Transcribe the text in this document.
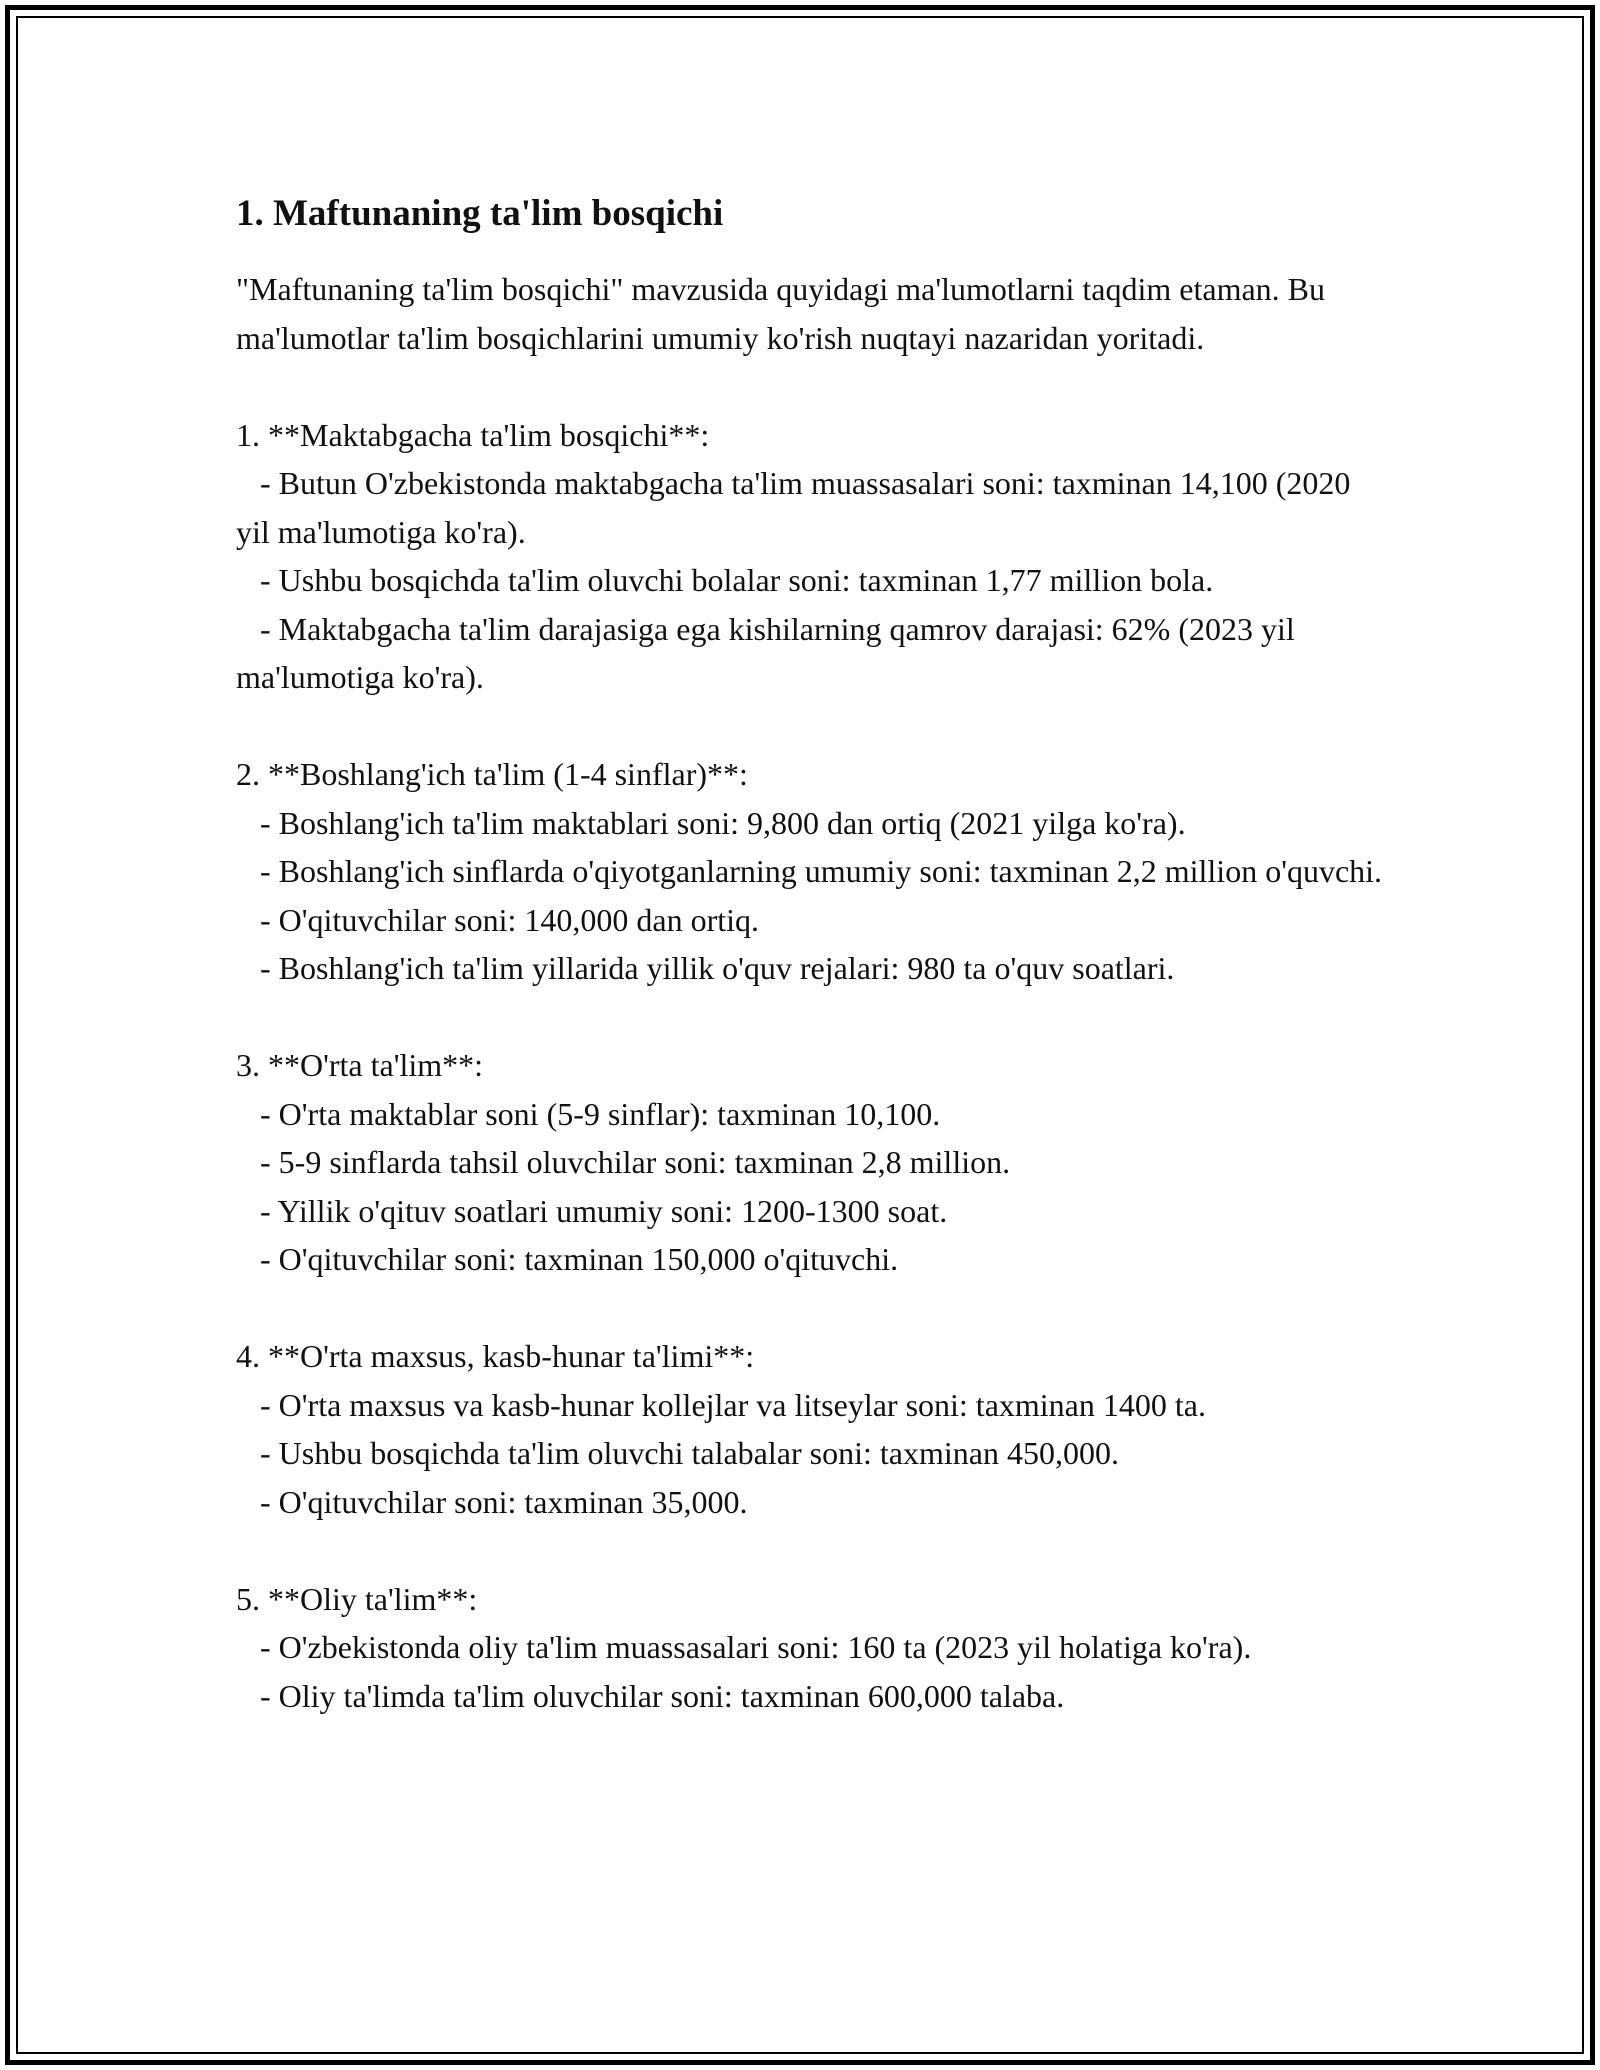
1. Maftunaning ta'lim bosqichi

"Maftunaning ta'lim bosqichi" mavzusida quyidagi ma'lumotlarni taqdim etaman. Bu ma'lumotlar ta'lim bosqichlarini umumiy ko'rish nuqtayi nazaridan yoritadi.

1. **Maktabgacha ta'lim bosqichi**:
- Butun O'zbekistonda maktabgacha ta'lim muassasalari soni: taxminan 14,100 (2020 yil ma'lumotiga ko'ra).
- Ushbu bosqichda ta'lim oluvchi bolalar soni: taxminan 1,77 million bola.
- Maktabgacha ta'lim darajasiga ega kishilarning qamrov darajasi: 62% (2023 yil ma'lumotiga ko'ra).
2. **Boshlang'ich ta'lim (1-4 sinflar)**:
- Boshlang'ich ta'lim maktablari soni: 9,800 dan ortiq (2021 yilga ko'ra).
- Boshlang'ich sinflarda o'qiyotganlarning umumiy soni: taxminan 2,2 million o'quvchi.
- O'qituvchilar soni: 140,000 dan ortiq.
- Boshlang'ich ta'lim yillarida yillik o'quv rejalari: 980 ta o'quv soatlari.
3. **O'rta ta'lim**:
- O'rta maktablar soni (5-9 sinflar): taxminan 10,100.
- 5-9 sinflarda tahsil oluvchilar soni: taxminan 2,8 million.
- Yillik o'qituv soatlari umumiy soni: 1200-1300 soat.
- O'qituvchilar soni: taxminan 150,000 o'qituvchi.
4. **O'rta maxsus, kasb-hunar ta'limi**:
- O'rta maxsus va kasb-hunar kollejlar va litseylar soni: taxminan 1400 ta.
- Ushbu bosqichda ta'lim oluvchi talabalar soni: taxminan 450,000.
- O'qituvchilar soni: taxminan 35,000.
5. **Oliy ta'lim**:
- O'zbekistonda oliy ta'lim muassasalari soni: 160 ta (2023 yil holatiga ko'ra).
- Oliy ta'limda ta'lim oluvchilar soni: taxminan 600,000 talaba.
